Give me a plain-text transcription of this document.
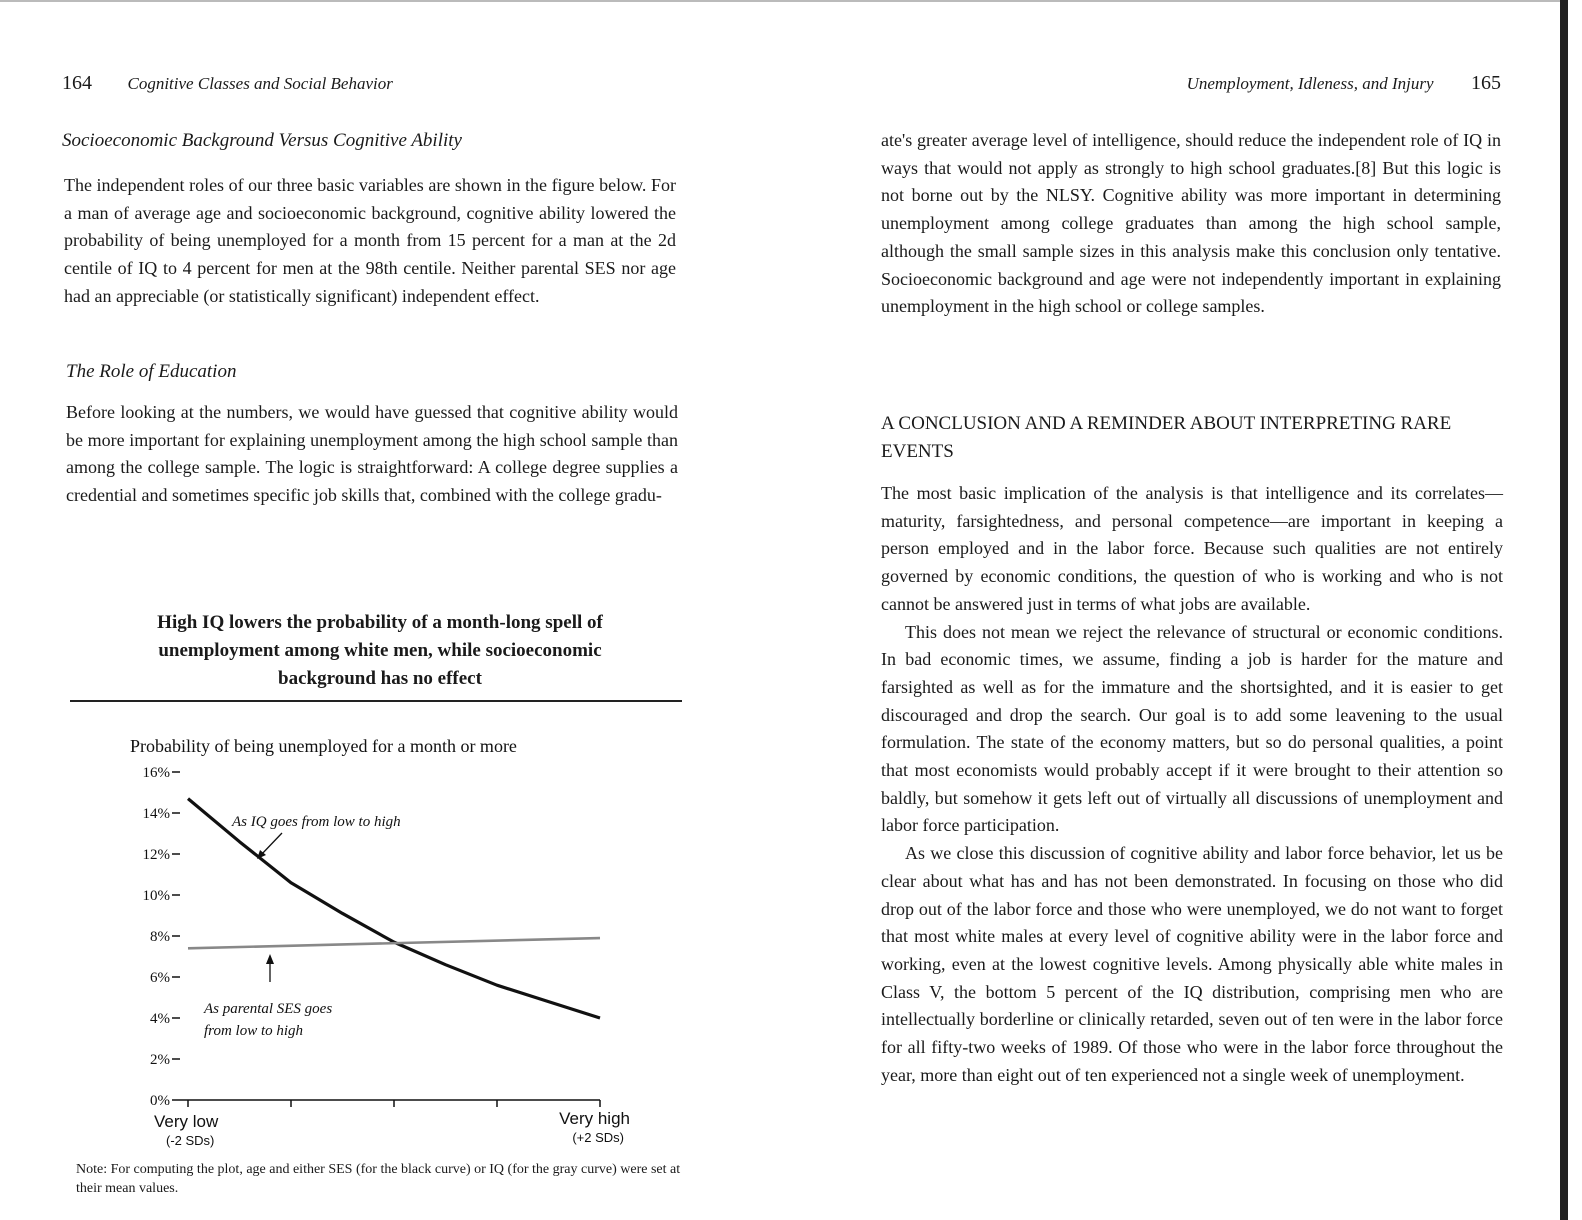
164 Cognitive Classes and Social Behavior
Socioeconomic Background Versus Cognitive Ability

The independent roles of our three basic variables are shown in the figure below. For a man of average age and socioeconomic background, cognitive ability lowered the probability of being unemployed for a month from 15 percent for a man at the 2d centile of IQ to 4 percent for men at the 98th centile. Neither parental SES nor age had an appreciable (or statistically significant) independent effect.

The Role of Education

Before looking at the numbers, we would have guessed that cognitive ability would be more important for explaining unemployment among the high school sample than among the college sample. The logic is straightforward: A college degree supplies a credential and sometimes specific job skills that, combined with the college gradu-

High IQ lowers the probability of a month-long spell of unemployment among white men, while socioeconomic background has no effect
Probability of being unemployed for a month or more
0%
2%
4%
6%
8%
10%
12%
14%
16%
Very low
(-2 SDs)
Very high
(+2 SDs)
As IQ goes from low to high
As parental SES goes
from low to high
Note: For computing the plot, age and either SES (for the black curve) or IQ (for the gray curve) were set at their mean values.
Unemployment, Idleness, and Injury 165

ate's greater average level of intelligence, should reduce the independent role of IQ in ways that would not apply as strongly to high school graduates.[8] But this logic is not borne out by the NLSY. Cognitive ability was more important in determining unemployment among college graduates than among the high school sample, although the small sample sizes in this analysis make this conclusion only tentative. Socioeconomic background and age were not independently important in explaining unemployment in the high school or college samples.

A CONCLUSION AND A REMINDER ABOUT INTERPRETING RARE EVENTS

The most basic implication of the analysis is that intelligence and its correlates—maturity, farsightedness, and personal competence—are important in keeping a person employed and in the labor force. Because such qualities are not entirely governed by economic conditions, the question of who is working and who is not cannot be answered just in terms of what jobs are available.

This does not mean we reject the relevance of structural or economic conditions. In bad economic times, we assume, finding a job is harder for the mature and farsighted as well as for the immature and the shortsighted, and it is easier to get discouraged and drop the search. Our goal is to add some leavening to the usual formulation. The state of the economy matters, but so do personal qualities, a point that most economists would probably accept if it were brought to their attention so baldly, but somehow it gets left out of virtually all discussions of unemployment and labor force participation.

As we close this discussion of cognitive ability and labor force behavior, let us be clear about what has and has not been demonstrated. In focusing on those who did drop out of the labor force and those who were unemployed, we do not want to forget that most white males at every level of cognitive ability were in the labor force and working, even at the lowest cognitive levels. Among physically able white males in Class V, the bottom 5 percent of the IQ distribution, comprising men who are intellectually borderline or clinically retarded, seven out of ten were in the labor force for all fifty-two weeks of 1989. Of those who were in the labor force throughout the year, more than eight out of ten experienced not a single week of unemployment.
